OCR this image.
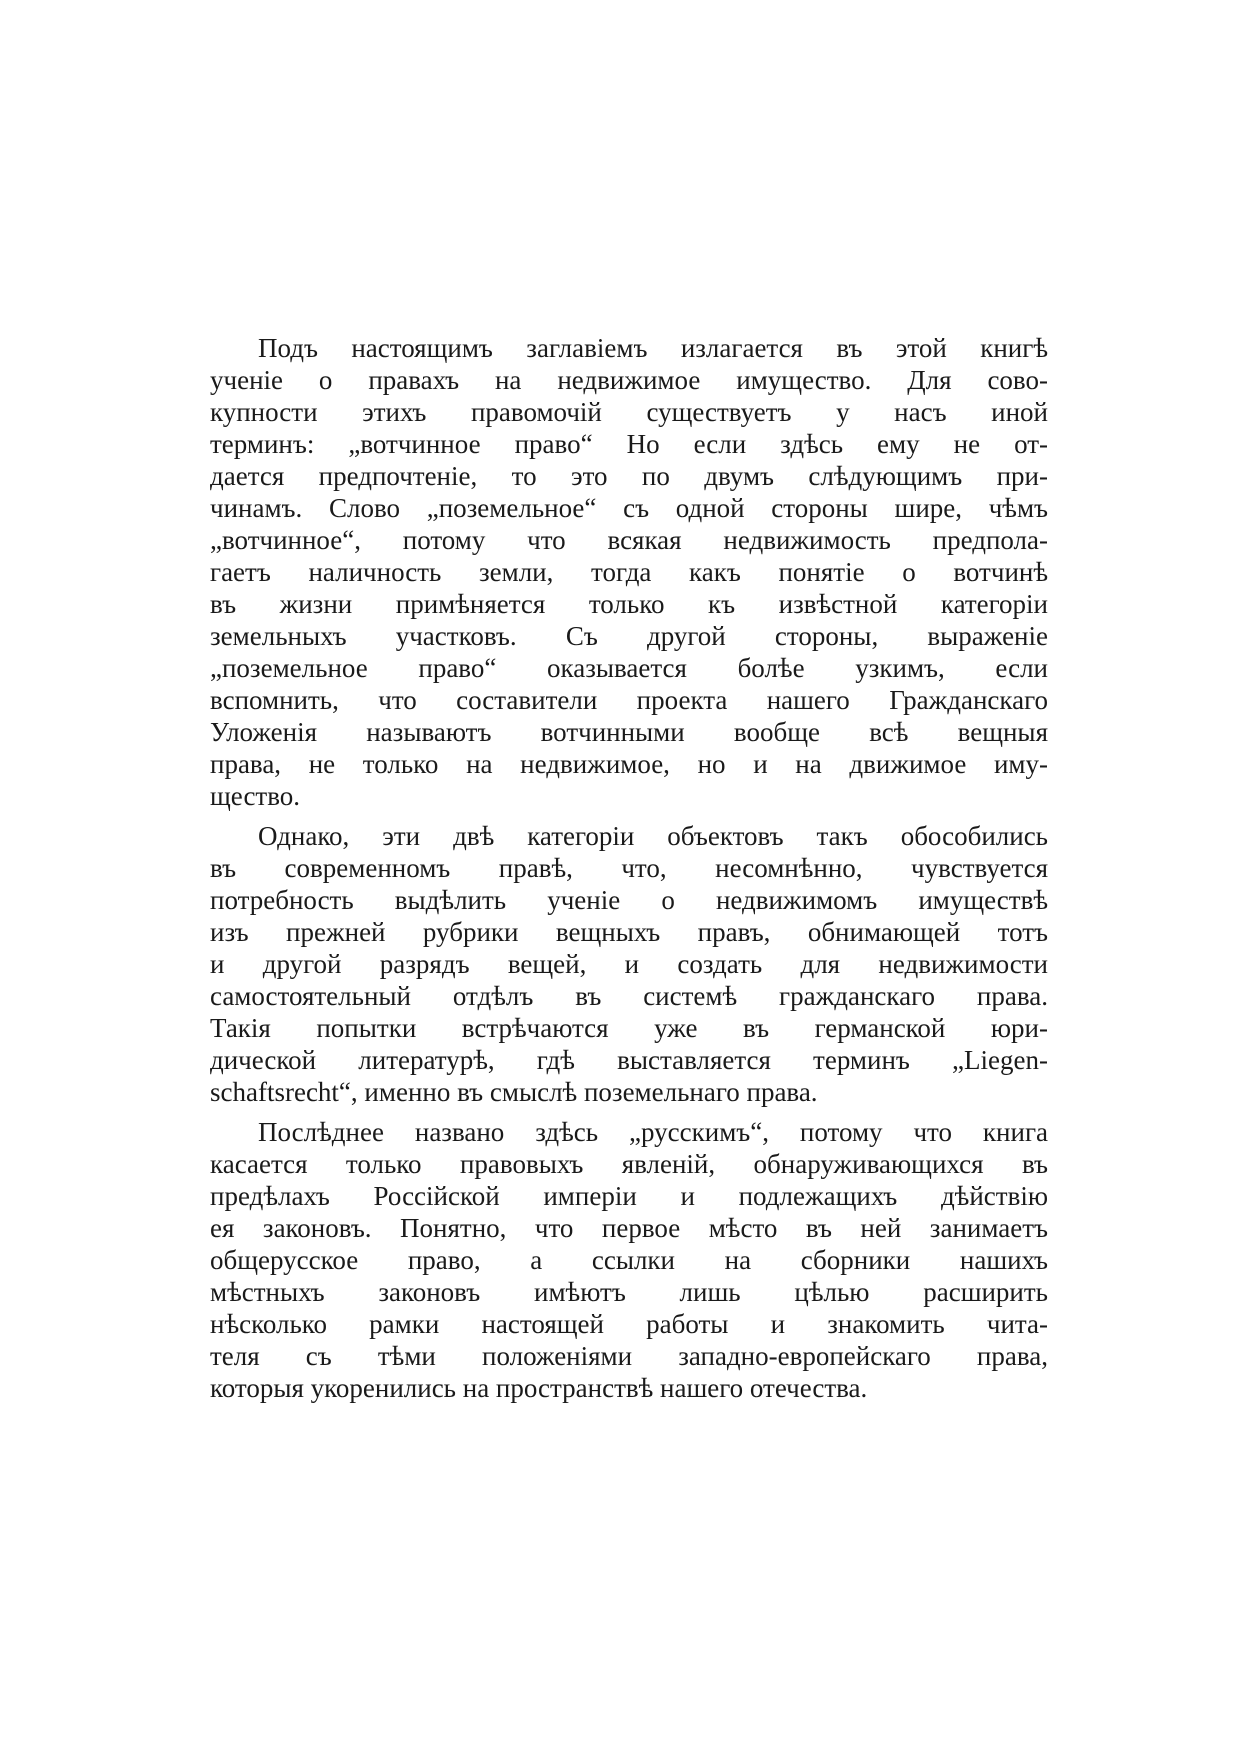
Подъ настоящимъ заглавіемъ излагается въ этой книгѣ
ученіе о правахъ на недвижимое имущество. Для сово-
купности этихъ правомочій существуетъ у насъ иной
терминъ: „вотчинное право“ Но если здѣсь ему не от-
дается предпочтеніе, то это по двумъ слѣдующимъ при-
чинамъ. Слово „поземельное“ съ одной стороны шире, чѣмъ
„вотчинное“, потому что всякая недвижимость предпола-
гаетъ наличность земли, тогда какъ понятіе о вотчинѣ
въ жизни примѣняется только къ извѣстной категоріи
земельныхъ участковъ. Съ другой стороны, выраженіе
„поземельное право“ оказывается болѣе узкимъ, если
вспомнить, что составители проекта нашего Гражданскаго
Уложенія называютъ вотчинными вообще всѣ вещныя
права, не только на недвижимое, но и на движимое иму-
щество.

Однако, эти двѣ категоріи объектовъ такъ обособились
въ современномъ правѣ, что, несомнѣнно, чувствуется
потребность выдѣлить ученіе о недвижимомъ имуществѣ
изъ прежней рубрики вещныхъ правъ, обнимающей тотъ
и другой разрядъ вещей, и создать для недвижимости
самостоятельный отдѣлъ въ системѣ гражданскаго права.
Такія попытки встрѣчаются уже въ германской юри-
дической литературѣ, гдѣ выставляется терминъ „Liegen-
schaftsrecht“, именно въ смыслѣ поземельнаго права.

Послѣднее названо здѣсь „русскимъ“, потому что книга
касается только правовыхъ явленій, обнаруживающихся въ
предѣлахъ Россійской имперіи и подлежащихъ дѣйствію
ея законовъ. Понятно, что первое мѣсто въ ней занимаетъ
общерусское право, а ссылки на сборники нашихъ
мѣстныхъ законовъ имѣютъ лишь цѣлью расширить
нѣсколько рамки настоящей работы и знакомить чита-
теля съ тѣми положеніями западно-европейскаго права,
которыя укоренились на пространствѣ нашего отечества.
